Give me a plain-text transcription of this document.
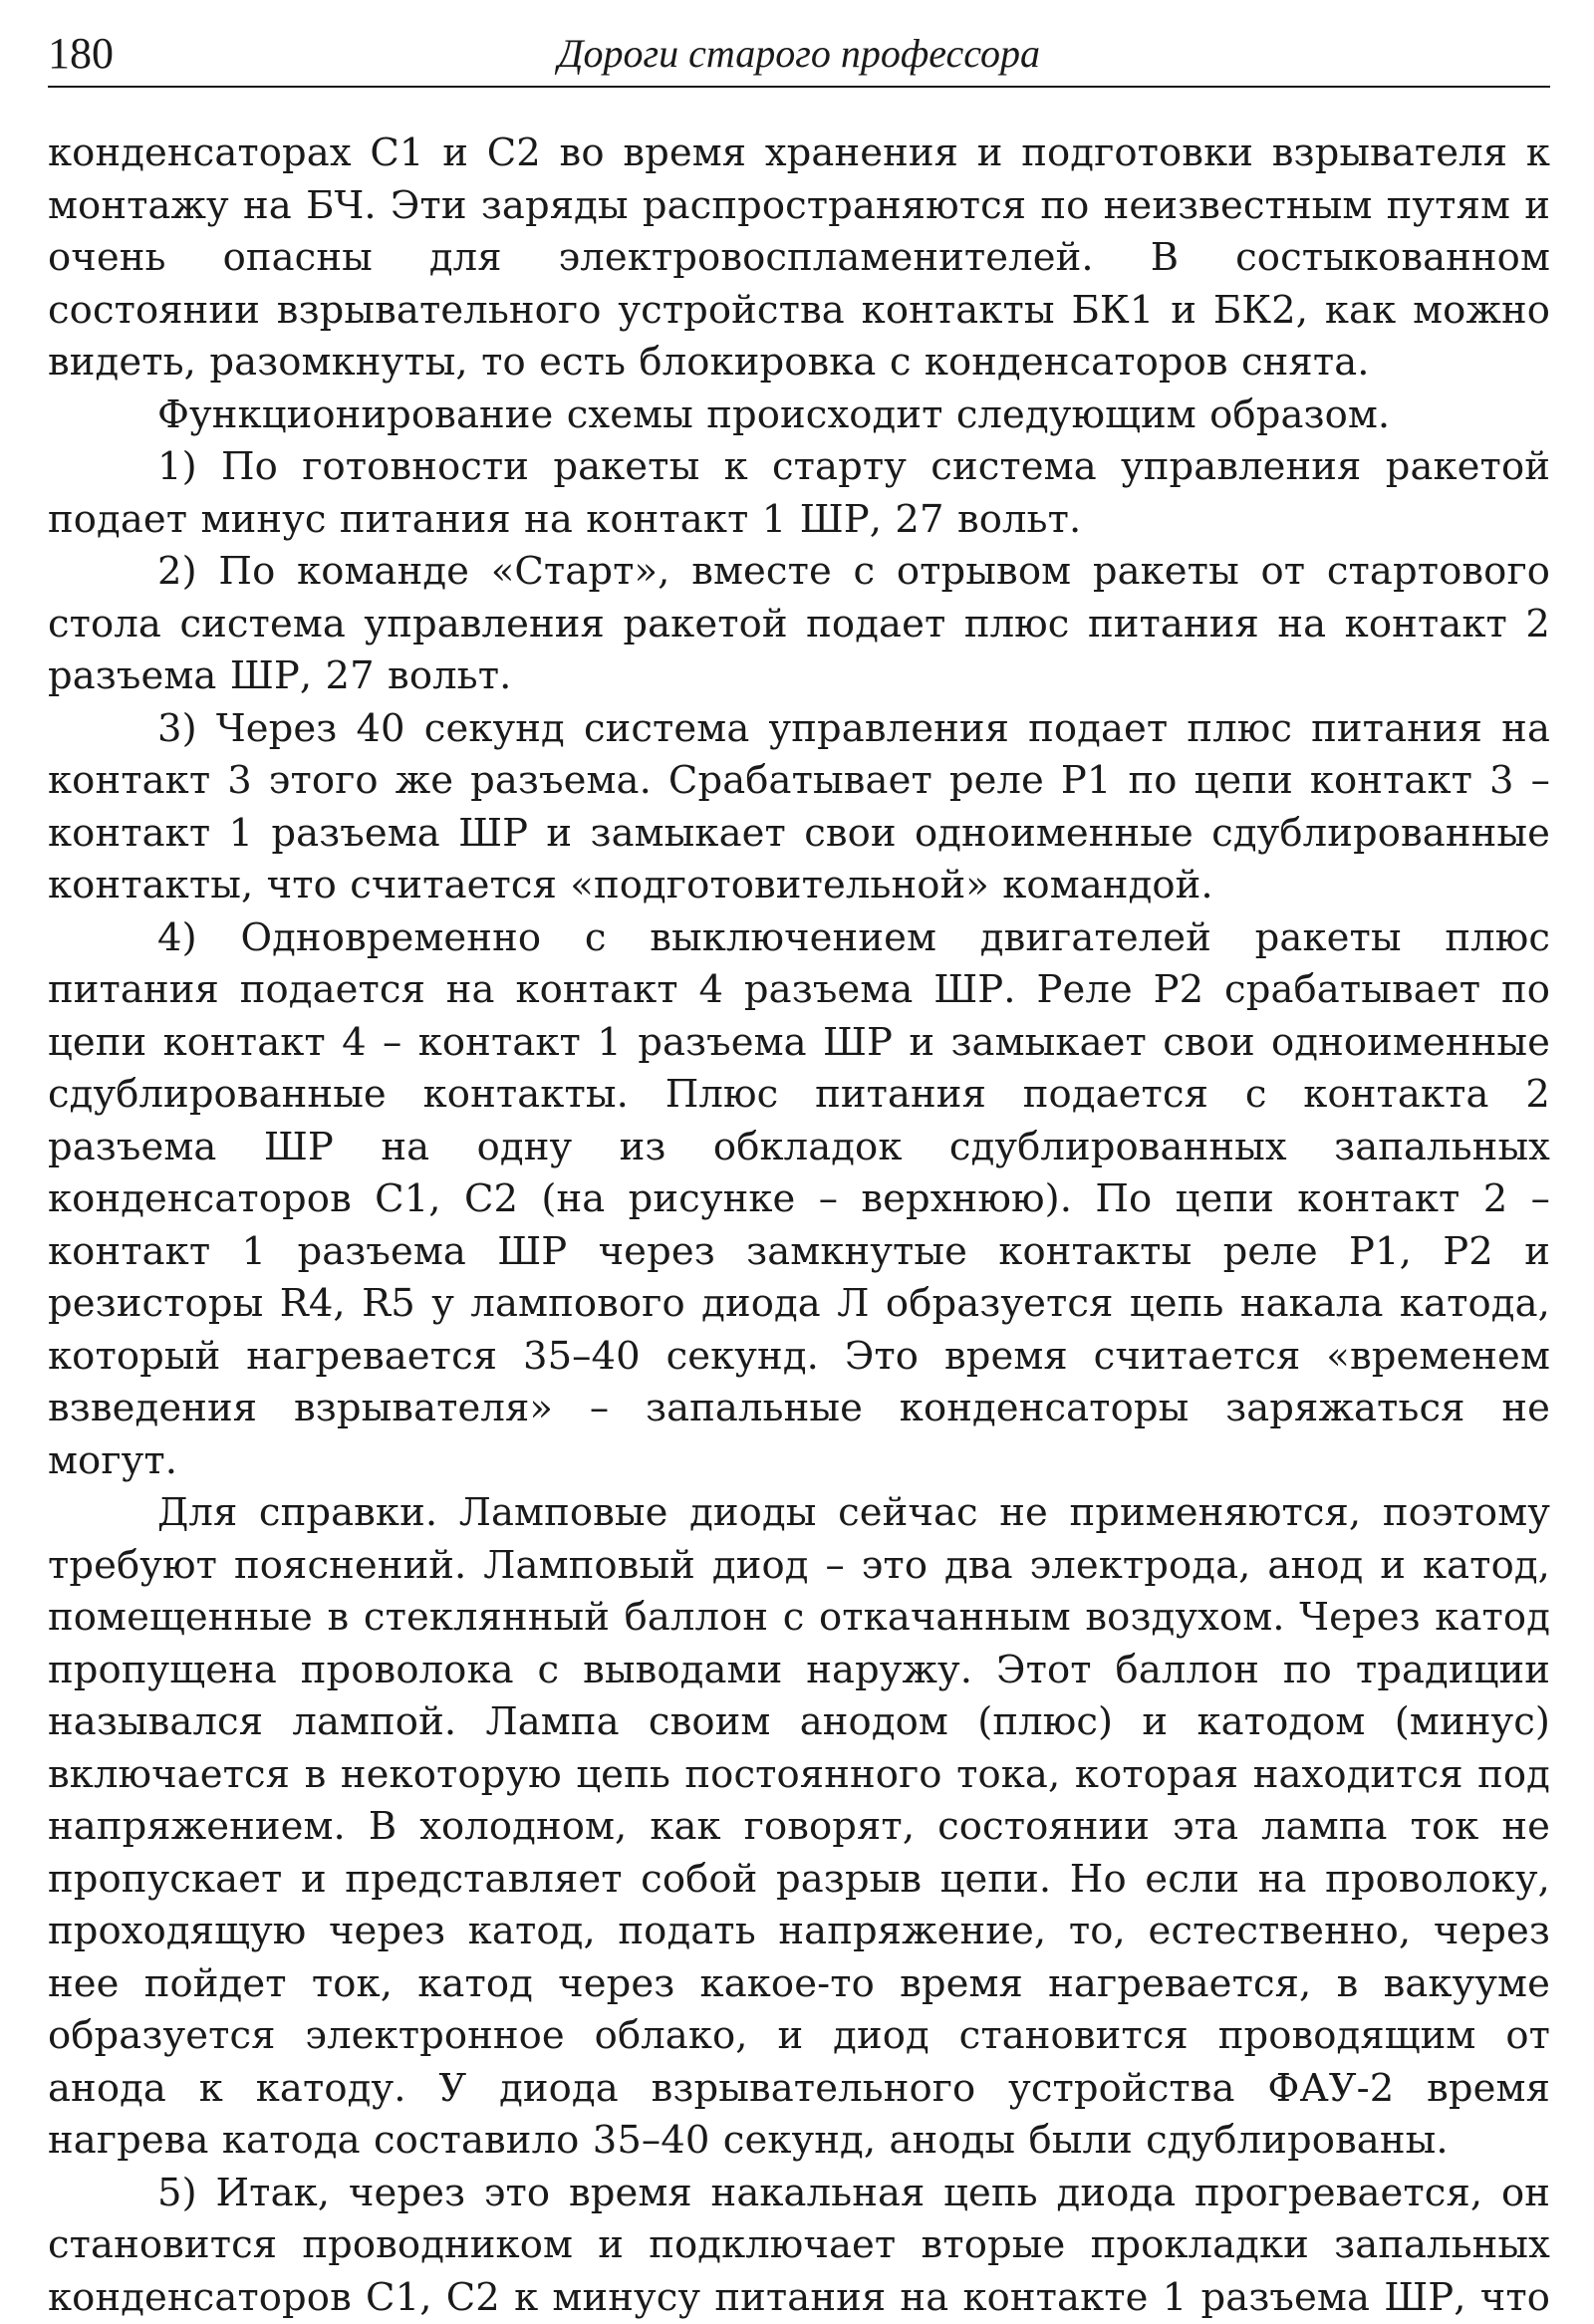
180	Дороги старого профессора

конденсаторах С1 и С2 во время хранения и подготовки взрывателя к монтажу на БЧ. Эти заряды распространяются по неизвестным путям и очень опасны для электровоспламенителей. В состыкованном состоянии взрывательного устройства контакты БК1 и БК2, как можно видеть, разомкнуты, то есть блокировка с конденсаторов снята.

Функционирование схемы происходит следующим образом.

1) По готовности ракеты к старту система управления ракетой подает минус питания на контакт 1 ШР, 27 вольт.

2) По команде «Старт», вместе с отрывом ракеты от стартового стола система управления ракетой подает плюс питания на контакт 2 разъема ШР, 27 вольт.

3) Через 40 секунд система управления подает плюс питания на контакт 3 этого же разъема. Срабатывает реле Р1 по цепи контакт 3 – контакт 1 разъема ШР и замыкает свои одноименные сдублированные контакты, что считается «подготовительной» командой.

4) Одновременно с выключением двигателей ракеты плюс питания подается на контакт 4 разъема ШР. Реле Р2 срабатывает по цепи контакт 4 – контакт 1 разъема ШР и замыкает свои одноименные сдублированные контакты. Плюс питания подается с контакта 2 разъема ШР на одну из обкладок сдублированных запальных конденсаторов С1, С2 (на рисунке – верхнюю). По цепи контакт 2 – контакт 1 разъема ШР через замкнутые контакты реле Р1, Р2 и резисторы R4, R5 у лампового диода Л образуется цепь накала катода, который нагревается 35–40 секунд. Это время считается «временем взведения взрывателя» – запальные конденсаторы заряжаться не могут.

Для справки. Ламповые диоды сейчас не применяются, поэтому требуют пояснений. Ламповый диод – это два электрода, анод и катод, помещенные в стеклянный баллон с откачанным воздухом. Через катод пропущена проволока с выводами наружу. Этот баллон по традиции назывался лампой. Лампа своим анодом (плюс) и катодом (минус) включается в некоторую цепь постоянного тока, которая находится под напряжением. В холодном, как говорят, состоянии эта лампа ток не пропускает и представляет собой разрыв цепи. Но если на проволоку, проходящую через катод, подать напряжение, то, естественно, через нее пойдет ток, катод через какое-то время нагревается, в вакууме образуется электронное облако, и диод становится проводящим от анода к катоду. У диода взрывательного устройства ФАУ-2 время нагрева катода составило 35–40 секунд, аноды были сдублированы.

5) Итак, через это время накальная цепь диода прогревается, он становится проводником и подключает вторые прокладки запальных конденсаторов С1, С2 к минусу питания на контакте 1 разъема ШР, что
